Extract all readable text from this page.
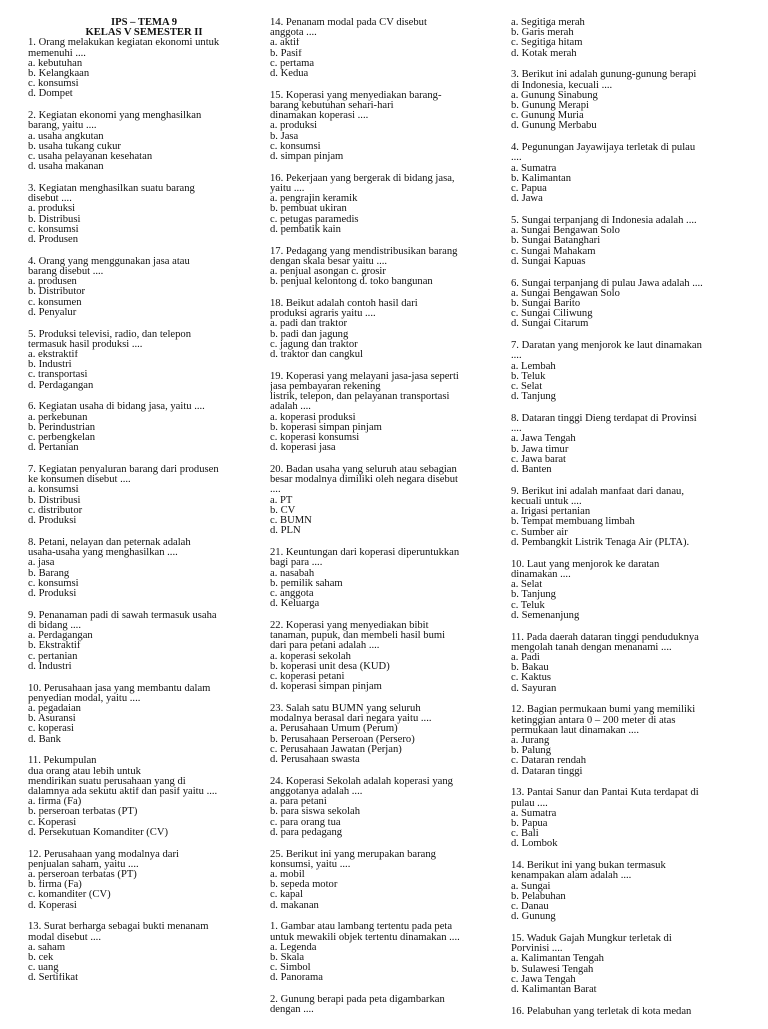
IPS – TEMA 9
KELAS V SEMESTER II
1. Orang melakukan kegiatan ekonomi untuk
memenuhi ....
a. kebutuhan
b. Kelangkaan
c. konsumsi
d. Dompet
2. Kegiatan ekonomi yang menghasilkan
barang, yaitu ....
a. usaha angkutan
b. usaha tukang cukur
c. usaha pelayanan kesehatan
d. usaha makanan
3. Kegiatan menghasilkan suatu barang
disebut ....
a. produksi
b. Distribusi
c. konsumsi
d. Produsen
4. Orang yang menggunakan jasa atau
barang disebut ....
a. produsen
b. Distributor
c. konsumen
d. Penyalur
5. Produksi televisi, radio, dan telepon
termasuk hasil produksi ....
a. ekstraktif
b. Industri
c. transportasi
d. Perdagangan
6. Kegiatan usaha di bidang jasa, yaitu ....
a. perkebunan
b. Perindustrian
c. perbengkelan
d. Pertanian
7. Kegiatan penyaluran barang dari produsen
ke konsumen disebut ....
a. konsumsi
b. Distribusi
c. distributor
d. Produksi
8. Petani, nelayan dan peternak adalah
usaha-usaha yang menghasilkan ....
a. jasa
b. Barang
c. konsumsi
d. Produksi
9. Penanaman padi di sawah termasuk usaha
di bidang ....
a. Perdagangan
b. Ekstraktif
c. pertanian
d. Industri
10. Perusahaan jasa yang membantu dalam
penyedian modal, yaitu ....
a. pegadaian
b. Asuransi
c. koperasi
d. Bank
11. Pekumpulan
dua orang atau lebih untuk
mendirikan suatu perusahaan yang di
dalamnya ada sekutu aktif dan pasif yaitu ....
a. firma (Fa)
b. perseroan terbatas (PT)
c. Koperasi
d. Persekutuan Komanditer (CV)
12. Perusahaan yang modalnya dari
penjualan saham, yaitu ....
a. perseroan terbatas (PT)
b. firma (Fa)
c. komanditer (CV)
d. Koperasi
13. Surat berharga sebagai bukti menanam
modal disebut ....
a. saham
b. cek
c. uang
d. Sertifikat
14. Penanam modal pada CV disebut
anggota ....
a. aktif
b. Pasif
c. pertama
d. Kedua
15. Koperasi yang menyediakan barang-
barang kebutuhan sehari-hari
dinamakan koperasi ....
a. produksi
b. Jasa
c. konsumsi
d. simpan pinjam
16. Pekerjaan yang bergerak di bidang jasa,
yaitu ....
a. pengrajin keramik
b. pembuat ukiran
c. petugas paramedis
d. pembatik kain
17. Pedagang yang mendistribusikan barang
dengan skala besar yaitu ....
a. penjual asongan c. grosir
b. penjual kelontong d. toko bangunan
18. Beikut adalah contoh hasil dari
produksi agraris yaitu ....
a. padi dan traktor
b. padi dan jagung
c. jagung dan traktor
d. traktor dan cangkul
19. Koperasi yang melayani jasa-jasa seperti
jasa pembayaran rekening
listrik, telepon, dan pelayanan transportasi
adalah ....
a. koperasi produksi
b. koperasi simpan pinjam
c. koperasi konsumsi
d. koperasi jasa
20. Badan usaha yang seluruh atau sebagian
besar modalnya dimiliki oleh negara disebut
....
a. PT
b. CV
c. BUMN
d. PLN
21. Keuntungan dari koperasi diperuntukkan
bagi para ....
a. nasabah
b. pemilik saham
c. anggota
d. Keluarga
22. Koperasi yang menyediakan bibit
tanaman, pupuk, dan membeli hasil bumi
dari para petani adalah ....
a. koperasi sekolah
b. koperasi unit desa (KUD)
c. koperasi petani
d. koperasi simpan pinjam
23. Salah satu BUMN yang seluruh
modalnya berasal dari negara yaitu ....
a. Perusahaan Umum (Perum)
b. Perusahaan Perseroan (Persero)
c. Perusahaan Jawatan (Perjan)
d. Perusahaan swasta
24. Koperasi Sekolah adalah koperasi yang
anggotanya adalah ....
a. para petani
b. para siswa sekolah
c. para orang tua
d. para pedagang
25. Berikut ini yang merupakan barang
konsumsi, yaitu ....
a. mobil
b. sepeda motor
c. kapal
d. makanan
1. Gambar atau lambang tertentu pada peta
untuk mewakili objek tertentu dinamakan ....
a. Legenda
b. Skala
c. Simbol
d. Panorama
2. Gunung berapi pada peta digambarkan
dengan ....
a. Segitiga merah
b. Garis merah
c. Segitiga hitam
d. Kotak merah
3. Berikut ini adalah gunung-gunung berapi
di Indonesia, kecuali ....
a. Gunung Sinabung
b. Gunung Merapi
c. Gunung Muria
d. Gunung Merbabu
4. Pegunungan Jayawijaya terletak di pulau
....
a. Sumatra
b. Kalimantan
c. Papua
d. Jawa
5. Sungai terpanjang di Indonesia adalah ....
a. Sungai Bengawan Solo
b. Sungai Batanghari
c. Sungai Mahakam
d. Sungai Kapuas
6. Sungai terpanjang di pulau Jawa adalah ....
a. Sungai Bengawan Solo
b. Sungai Barito
c. Sungai Ciliwung
d. Sungai Citarum
7. Daratan yang menjorok ke laut dinamakan
....
a. Lembah
b. Teluk
c. Selat
d. Tanjung
8. Dataran tinggi Dieng terdapat di Provinsi
....
a. Jawa Tengah
b. Jawa timur
c. Jawa barat
d. Banten
9. Berikut ini adalah manfaat dari danau,
kecuali untuk ....
a. Irigasi pertanian
b. Tempat membuang limbah
c. Sumber air
d. Pembangkit Listrik Tenaga Air (PLTA).
10. Laut yang menjorok ke daratan
dinamakan ....
a. Selat
b. Tanjung
c. Teluk
d. Semenanjung
11. Pada daerah dataran tinggi penduduknya
mengolah tanah dengan menanami ....
a. Padi
b. Bakau
c. Kaktus
d. Sayuran
12. Bagian permukaan bumi yang memiliki
ketinggian antara 0 – 200 meter di atas
permukaan laut dinamakan ....
a. Jurang
b. Palung
c. Dataran rendah
d. Dataran tinggi
13. Pantai Sanur dan Pantai Kuta terdapat di
pulau ....
a. Sumatra
b. Papua
c. Bali
d. Lombok
14. Berikut ini yang bukan termasuk
kenampakan alam adalah ....
a. Sungai
b. Pelabuhan
c. Danau
d. Gunung
15. Waduk Gajah Mungkur terletak di
Porvinisi ....
a. Kalimantan Tengah
b. Sulawesi Tengah
c. Jawa Tengah
d. Kalimantan Barat
16. Pelabuhan yang terletak di kota medan
